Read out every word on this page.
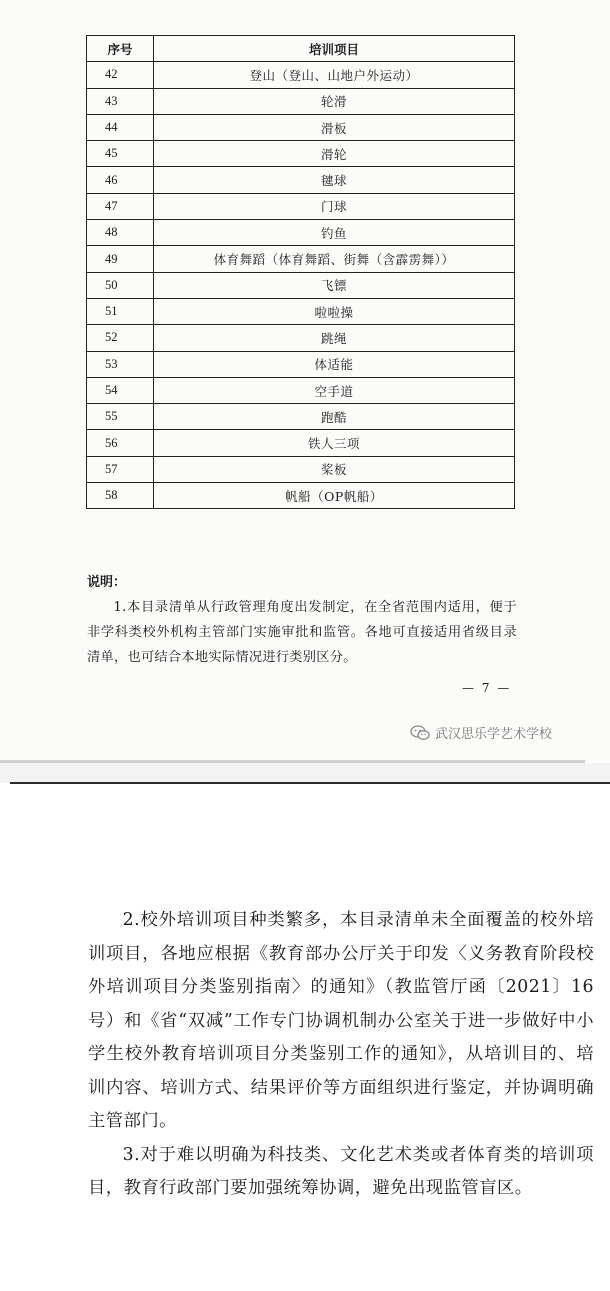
序号	培训项目
42	登山（登山、山地户外运动）
43	轮滑
44	滑板
45	滑轮
46	毽球
47	门球
48	钓鱼
49	体育舞蹈（体育舞蹈、街舞（含霹雳舞））
50	飞镖
51	啦啦操
52	跳绳
53	体适能
54	空手道
55	跑酷
56	铁人三项
57	桨板
58	帆船（OP帆船）
说明：

1.本目录清单从行政管理角度出发制定，在全省范围内适用，便于非学科类校外机构主管部门实施审批和监管。各地可直接适用省级目录清单，也可结合本地实际情况进行类别区分。

— 7 —
武汉思乐学艺术学校

2.校外培训项目种类繁多，本目录清单未全面覆盖的校外培训项目，各地应根据《教育部办公厅关于印发〈义务教育阶段校外培训项目分类鉴别指南〉的通知》（教监管厅函〔2021〕16号）和《省“双减”工作专门协调机制办公室关于进一步做好中小学生校外教育培训项目分类鉴别工作的通知》，从培训目的、培训内容、培训方式、结果评价等方面组织进行鉴定，并协调明确主管部门。

3.对于难以明确为科技类、文化艺术类或者体育类的培训项目，教育行政部门要加强统筹协调，避免出现监管盲区。
